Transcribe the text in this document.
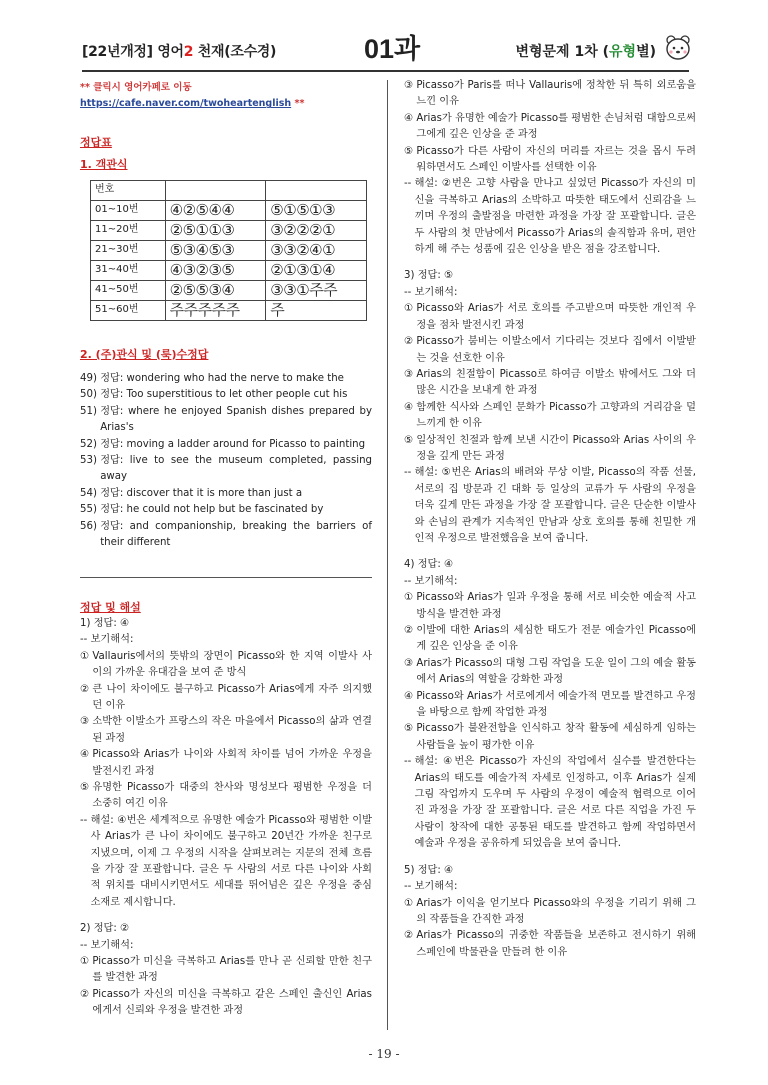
[22년개정] 영어2 천재(조수경)	01과	변형문제 1차 (유형별)
** 클릭시 영어카페로 이동 https://cafe.naver.com/twoheartenglish **
정답표
1. 객관식
번호		
01~10번	④②⑤④④	⑤①⑤①③
11~20번	②⑤①①③	③②②②①
21~30번	⑤③④⑤③	③③②④①
31~40번	④③②③⑤	②①③①④
41~50번	②⑤⑤③④	③③①주주
51~60번	주주주주주	주
2. (주)관식 및 (룩)수정답
49) 정답: wondering who had the nerve to make the
50) 정답: Too superstitious to let other people cut his
51) 정답: where he enjoyed Spanish dishes prepared by Arias's
52) 정답: moving a ladder around for Picasso to painting
53) 정답: live to see the museum completed, passing away
54) 정답: discover that it is more than just a
55) 정답: he could not help but be fascinated by
56) 정답: and companionship, breaking the barriers of their different
정답 및 해설
1) 정답: ④
-- 보기해석:
① Vallauris에서의 뜻밖의 장면이 Picasso와 한 지역 이발사 사이의 가까운 유대감을 보여 준 방식
② 큰 나이 차이에도 불구하고 Picasso가 Arias에게 자주 의지했던 이유
③ 소박한 이발소가 프랑스의 작은 마을에서 Picasso의 삶과 연결된 과정
④ Picasso와 Arias가 나이와 사회적 차이를 넘어 가까운 우정을 발전시킨 과정
⑤ 유명한 Picasso가 대중의 찬사와 명성보다 평범한 우정을 더 소중히 여긴 이유
-- 해설: ④번은 세계적으로 유명한 예술가 Picasso와 평범한 이발사 Arias가 큰 나이 차이에도 불구하고 20년간 가까운 친구로 지냈으며, 이제 그 우정의 시작을 살펴보려는 지문의 전체 흐름을 가장 잘 포괄합니다. 글은 두 사람의 서로 다른 나이와 사회적 위치를 대비시키면서도 세대를 뛰어넘은 깊은 우정을 중심 소재로 제시합니다.
2) 정답: ②
-- 보기해석:
① Picasso가 미신을 극복하고 Arias를 만나 곧 신뢰할 만한 친구를 발견한 과정
② Picasso가 자신의 미신을 극복하고 같은 스페인 출신인 Arias에게서 신뢰와 우정을 발견한 과정
③ Picasso가 Paris를 떠나 Vallauris에 정착한 뒤 특히 외로움을 느낀 이유
④ Arias가 유명한 예술가 Picasso를 평범한 손님처럼 대함으로써 그에게 깊은 인상을 준 과정
⑤ Picasso가 다른 사람이 자신의 머리를 자르는 것을 몹시 두려워하면서도 스페인 이발사를 선택한 이유
-- 해설: ②번은 고향 사람을 만나고 싶었던 Picasso가 자신의 미신을 극복하고 Arias의 소박하고 따뜻한 태도에서 신뢰감을 느끼며 우정의 출발점을 마련한 과정을 가장 잘 포괄합니다. 글은 두 사람의 첫 만남에서 Picasso가 Arias의 솔직함과 유머, 편안하게 해 주는 성품에 깊은 인상을 받은 점을 강조합니다.
3) 정답: ⑤
-- 보기해석:
① Picasso와 Arias가 서로 호의를 주고받으며 따뜻한 개인적 우정을 점차 발전시킨 과정
② Picasso가 붐비는 이발소에서 기다리는 것보다 집에서 이발받는 것을 선호한 이유
③ Arias의 친절함이 Picasso로 하여금 이발소 밖에서도 그와 더 많은 시간을 보내게 한 과정
④ 함께한 식사와 스페인 문화가 Picasso가 고향과의 거리감을 덜 느끼게 한 이유
⑤ 일상적인 친절과 함께 보낸 시간이 Picasso와 Arias 사이의 우정을 깊게 만든 과정
-- 해설: ⑤번은 Arias의 배려와 무상 이발, Picasso의 작품 선물, 서로의 집 방문과 긴 대화 등 일상의 교류가 두 사람의 우정을 더욱 깊게 만든 과정을 가장 잘 포괄합니다. 글은 단순한 이발사와 손님의 관계가 지속적인 만남과 상호 호의를 통해 친밀한 개인적 우정으로 발전했음을 보여 줍니다.
4) 정답: ④
-- 보기해석:
① Picasso와 Arias가 일과 우정을 통해 서로 비슷한 예술적 사고방식을 발견한 과정
② 이발에 대한 Arias의 세심한 태도가 전문 예술가인 Picasso에게 깊은 인상을 준 이유
③ Arias가 Picasso의 대형 그림 작업을 도운 일이 그의 예술 활동에서 Arias의 역할을 강화한 과정
④ Picasso와 Arias가 서로에게서 예술가적 면모를 발견하고 우정을 바탕으로 함께 작업한 과정
⑤ Picasso가 불완전함을 인식하고 창작 활동에 세심하게 임하는 사람들을 높이 평가한 이유
-- 해설: ④번은 Picasso가 자신의 작업에서 실수를 발견한다는 Arias의 태도를 예술가적 자세로 인정하고, 이후 Arias가 실제 그림 작업까지 도우며 두 사람의 우정이 예술적 협력으로 이어진 과정을 가장 잘 포괄합니다. 글은 서로 다른 직업을 가진 두 사람이 창작에 대한 공통된 태도를 발견하고 함께 작업하면서 예술과 우정을 공유하게 되었음을 보여 줍니다.
5) 정답: ④
-- 보기해석:
① Arias가 이익을 얻기보다 Picasso와의 우정을 기리기 위해 그의 작품들을 간직한 과정
② Arias가 Picasso의 귀중한 작품들을 보존하고 전시하기 위해 스페인에 박물관을 만들려 한 이유
- 19 -
